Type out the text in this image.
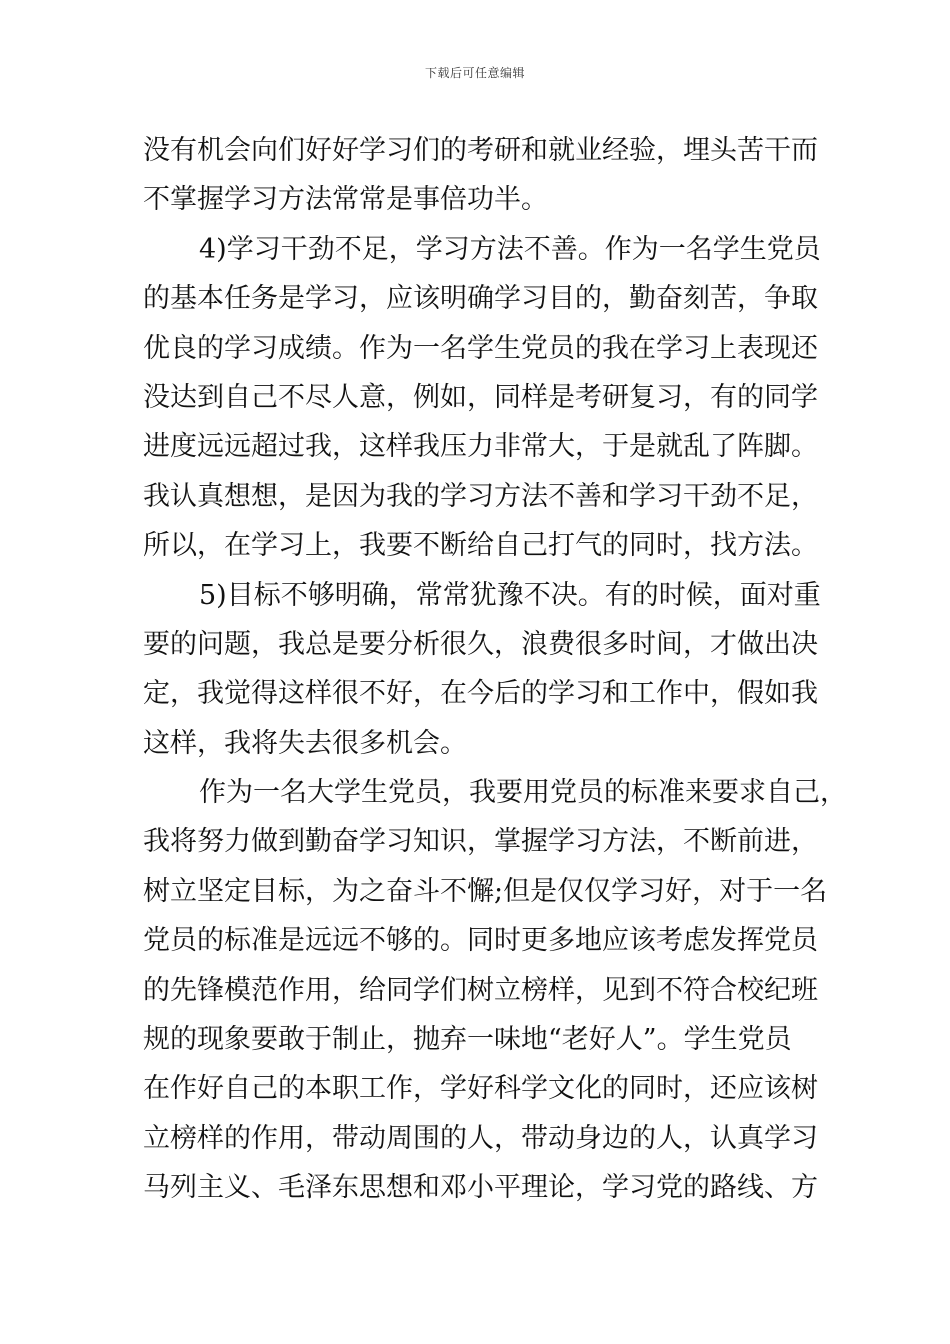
下载后可任意编辑
没有机会向们好好学习们的考研和就业经验，埋头苦干而
不掌握学习方法常常是事倍功半。
4)学习干劲不足，学习方法不善。作为一名学生党员
的基本任务是学习，应该明确学习目的，勤奋刻苦，争取
优良的学习成绩。作为一名学生党员的我在学习上表现还
没达到自己不尽人意，例如，同样是考研复习，有的同学
进度远远超过我，这样我压力非常大，于是就乱了阵脚。
我认真想想，是因为我的学习方法不善和学习干劲不足，
所以，在学习上，我要不断给自己打气的同时，找方法。
5)目标不够明确，常常犹豫不决。有的时候，面对重
要的问题，我总是要分析很久，浪费很多时间，才做出决
定，我觉得这样很不好，在今后的学习和工作中，假如我
这样，我将失去很多机会。
作为一名大学生党员，我要用党员的标准来要求自己，
我将努力做到勤奋学习知识，掌握学习方法，不断前进，
树立坚定目标，为之奋斗不懈;但是仅仅学习好，对于一名
党员的标准是远远不够的。同时更多地应该考虑发挥党员
的先锋模范作用，给同学们树立榜样，见到不符合校纪班
规的现象要敢于制止，抛弃一味地“老好人”。学生党员
在作好自己的本职工作，学好科学文化的同时，还应该树
立榜样的作用，带动周围的人，带动身边的人，认真学习
马列主义、毛泽东思想和邓小平理论，学习党的路线、方
